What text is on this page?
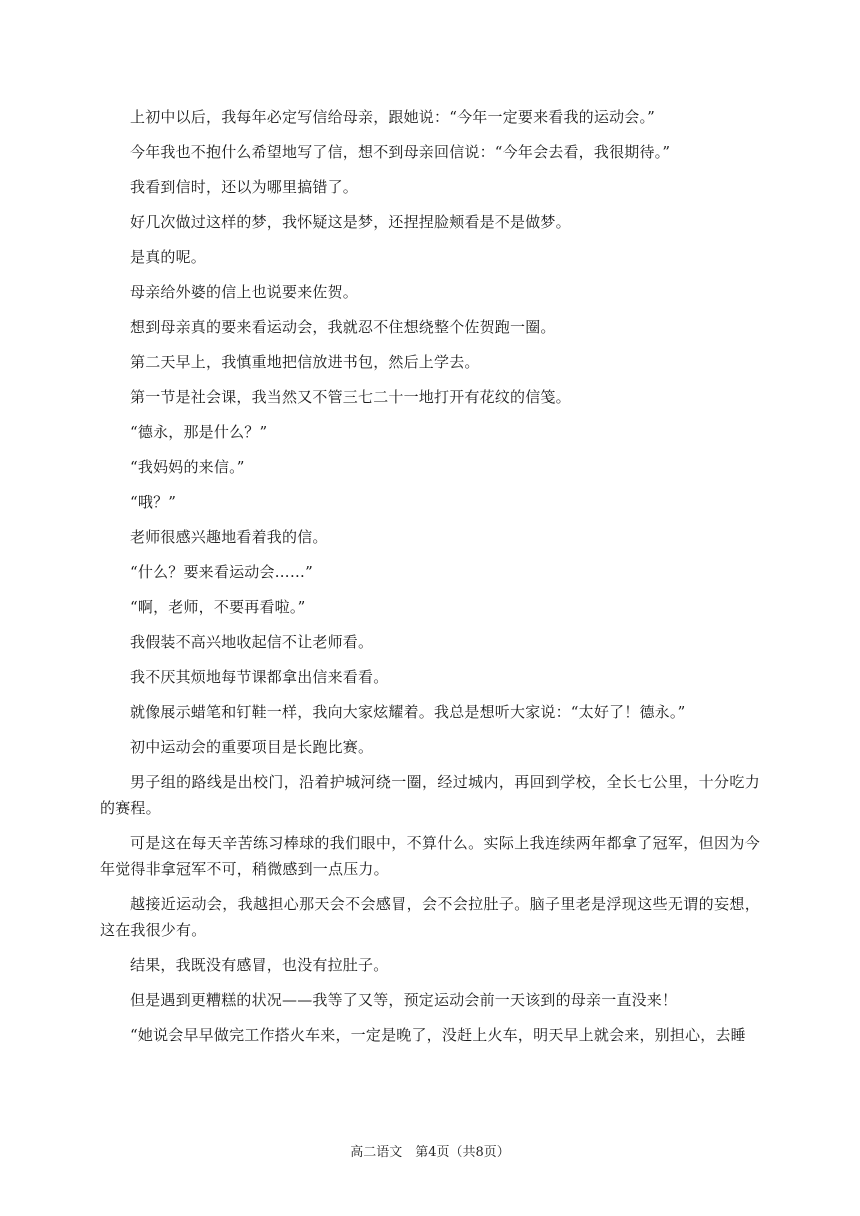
上初中以后，我每年必定写信给母亲，跟她说：“今年一定要来看我的运动会。”

今年我也不抱什么希望地写了信，想不到母亲回信说：“今年会去看，我很期待。”

我看到信时，还以为哪里搞错了。

好几次做过这样的梦，我怀疑这是梦，还捏捏脸颊看是不是做梦。

是真的呢。

母亲给外婆的信上也说要来佐贺。

想到母亲真的要来看运动会，我就忍不住想绕整个佐贺跑一圈。

第二天早上，我慎重地把信放进书包，然后上学去。

第一节是社会课，我当然又不管三七二十一地打开有花纹的信笺。

“德永，那是什么？”

“我妈妈的来信。”

“哦？”

老师很感兴趣地看着我的信。

“什么？要来看运动会……”

“啊，老师，不要再看啦。”

我假装不高兴地收起信不让老师看。

我不厌其烦地每节课都拿出信来看看。

就像展示蜡笔和钉鞋一样，我向大家炫耀着。我总是想听大家说：“太好了！德永。”

初中运动会的重要项目是长跑比赛。

男子组的路线是出校门，沿着护城河绕一圈，经过城内，再回到学校，全长七公里，十分吃力的赛程。

可是这在每天辛苦练习棒球的我们眼中，不算什么。实际上我连续两年都拿了冠军，但因为今年觉得非拿冠军不可，稍微感到一点压力。

越接近运动会，我越担心那天会不会感冒，会不会拉肚子。脑子里老是浮现这些无谓的妄想，这在我很少有。

结果，我既没有感冒，也没有拉肚子。

但是遇到更糟糕的状况——我等了又等，预定运动会前一天该到的母亲一直没来！

“她说会早早做完工作搭火车来，一定是晚了，没赶上火车，明天早上就会来，别担心，去睡

高二语文　第4页（共8页）
